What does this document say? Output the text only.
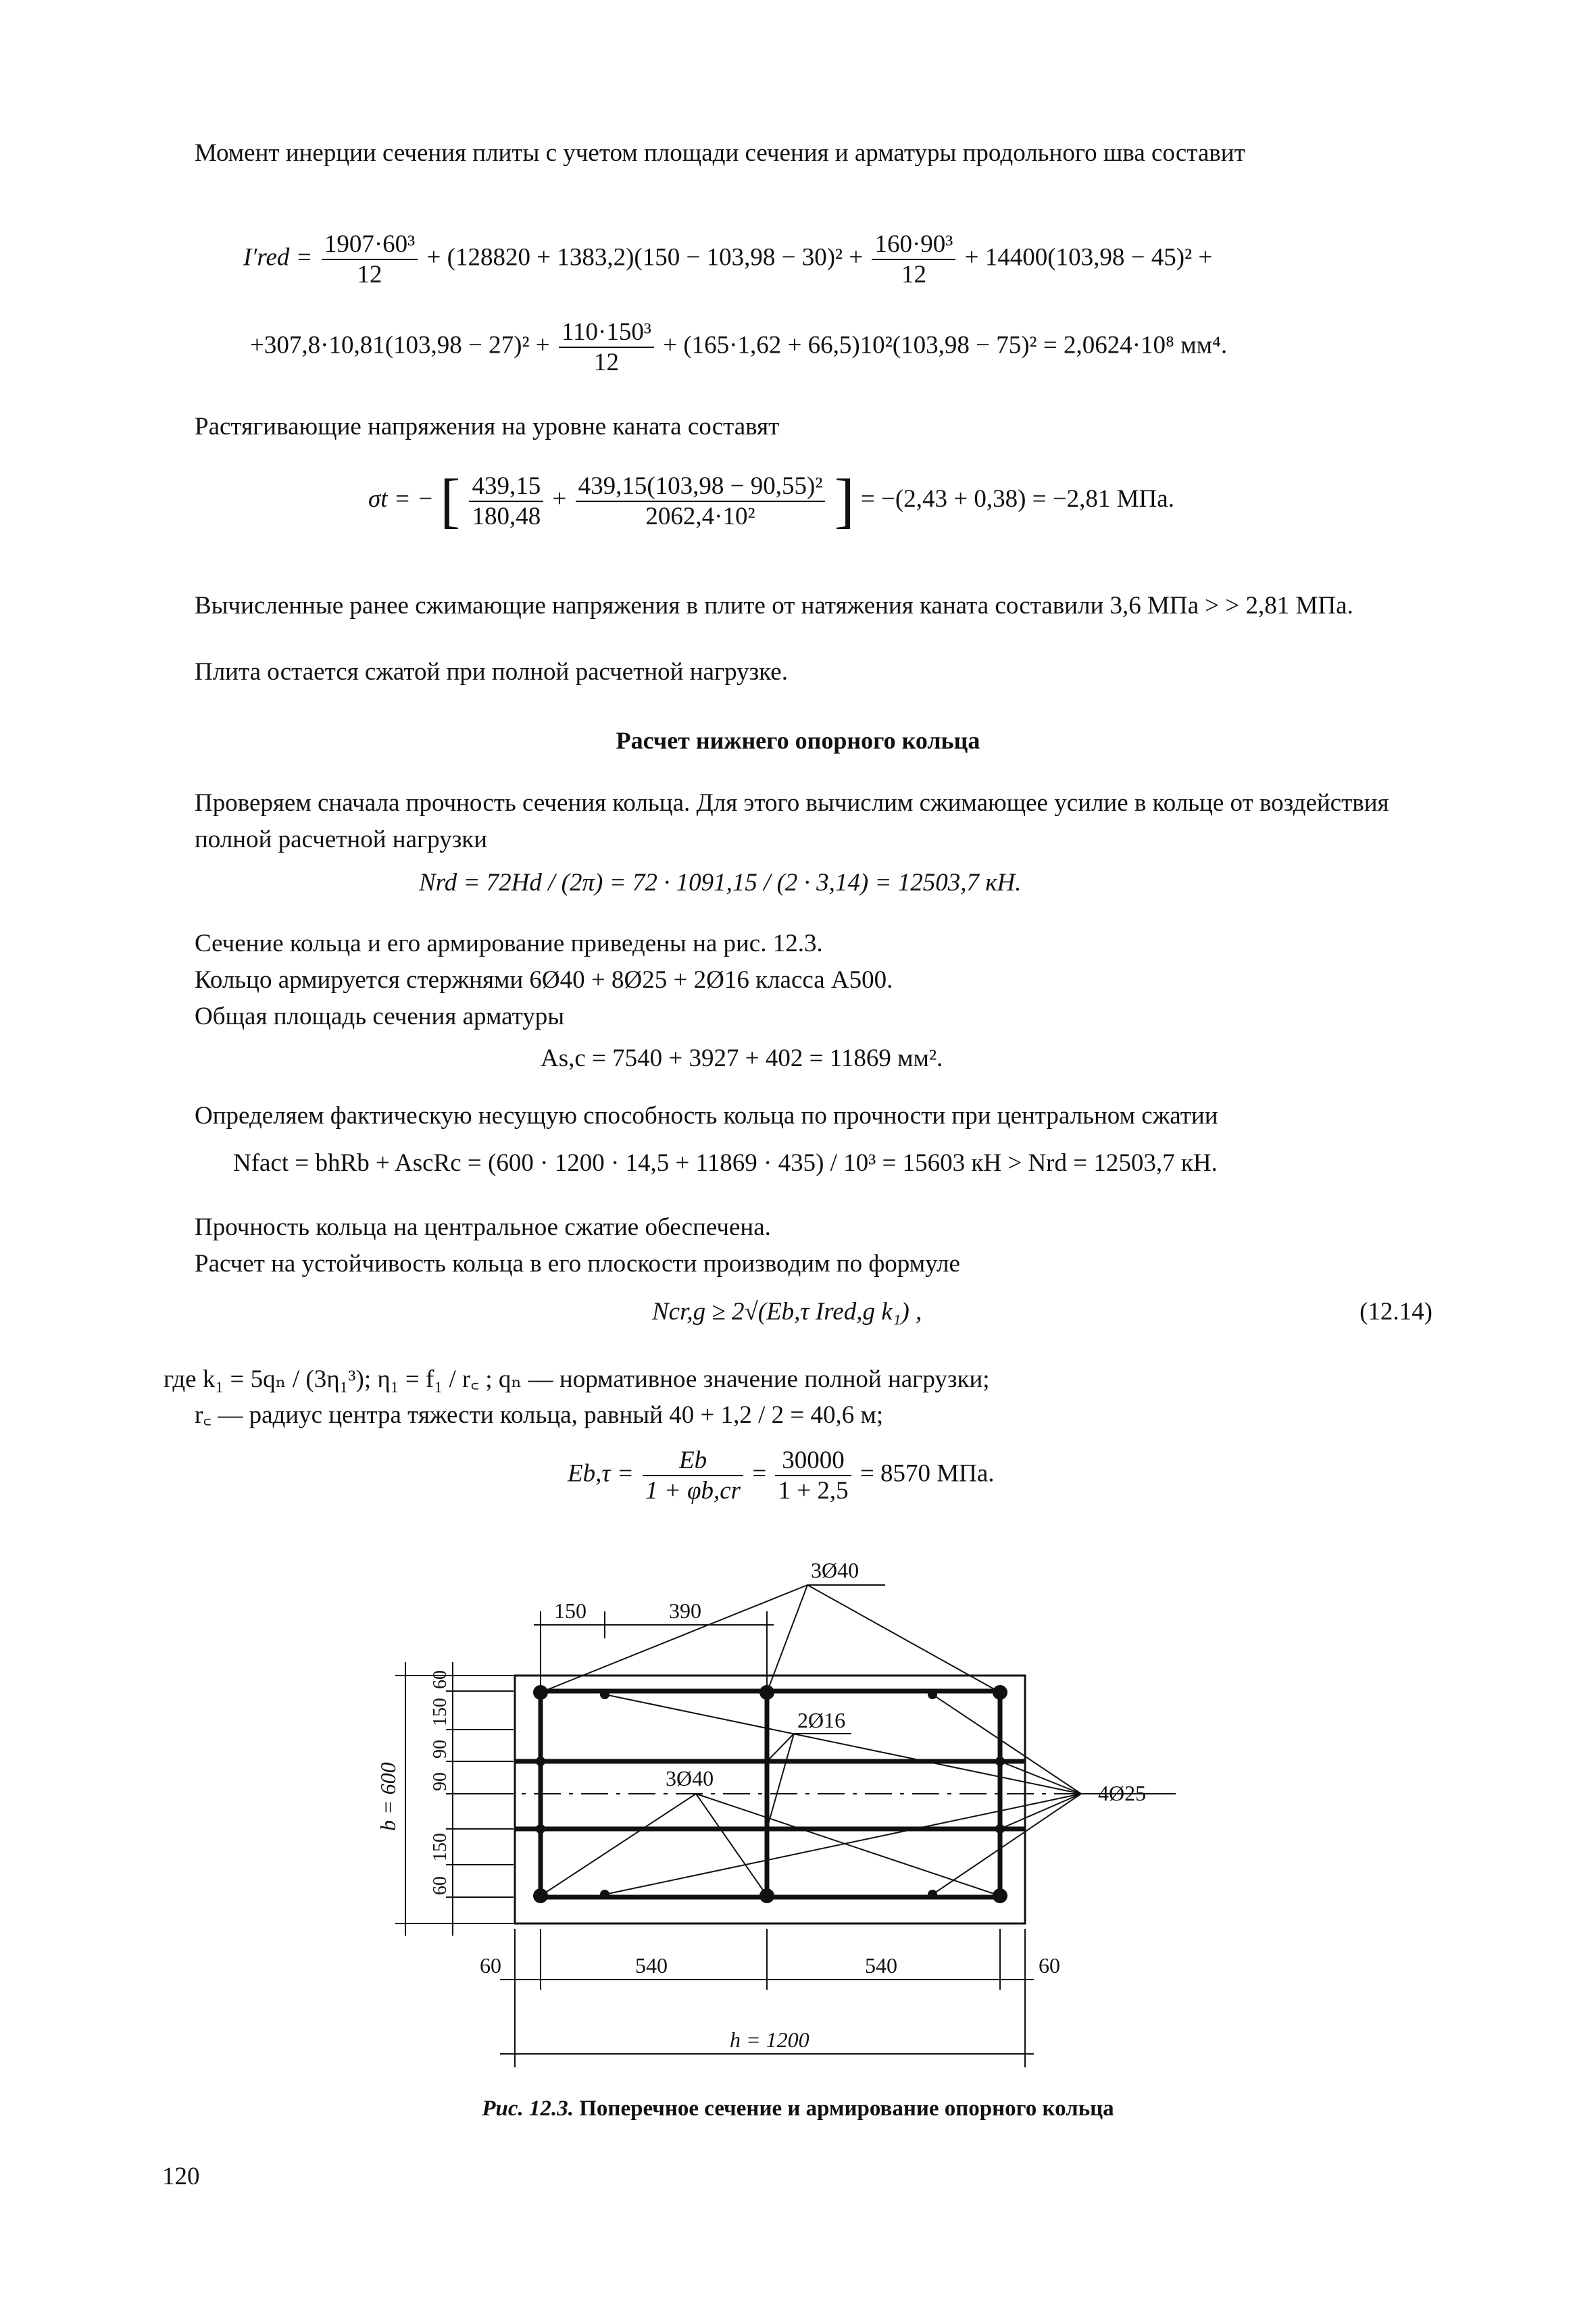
Момент инерции сечения плиты с учетом площади сечения и арматуры продольного шва составит
$I'red = \frac{\text{1907·60³}}{12} + (128820 + 1383,2)(150 - 103,98 - 30)^2 + \frac{\text{160·90³}}{12} + 14400(103,98 - 45)^2$ +
$+307,8\cdot 10,81(103,98 - 27)^2 + \frac{\text{110·150³}}{12} + (165\cdot 1,62 + 66,5)10^2(103,98 - 75)^2 = 2,0624\cdot 10^8$ мм⁴.
Растягивающие напряжения на уровне каната составят
σt = − [ $\frac{439,15}{180,48} + \frac{\text{439,15(103,98 − 90,55)²}}{\text{2062,4·10²}}$ ] = −(2,43 + 0,38) = −2,81 МПа.
Вычисленные ранее сжимающие напряжения в плите от натяжения каната составили 3,6 МПа > > 2,81 МПа.
Плита остается сжатой при полной расчетной нагрузке.
Расчет нижнего опорного кольца
Проверяем сначала прочность сечения кольца. Для этого вычислим сжимающее усилие в кольце от воздействия полной расчетной нагрузки
Nrd = 72Hd / (2π) = 72 · 1091,15 / (2 · 3,14) = 12503,7 кН.
Сечение кольца и его армирование приведены на рис. 12.3.
Кольцо армируется стержнями 6Ø40 + 8Ø25 + 2Ø16 класса А500.
Общая площадь сечения арматуры
As,c = 7540 + 3927 + 402 = 11869 мм².
Определяем фактическую несущую способность кольца по прочности при центральном сжатии
Nfact = bhRb + AscRc = (600 · 1200 · 14,5 + 11869 · 435) / 10³ = 15603 кН > Nrd = 12503,7 кН.
Прочность кольца на центральное сжатие обеспечена.
Расчет на устойчивость кольца в его плоскости производим по формуле
Ncr,g ≥ 2√(Eb,τ Ired,g k₁) ,	(12.14)
где k₁ = 5qₙ / (3η₁³); η₁ = f₁ / r꜀ ; qₙ — нормативное значение полной нагрузки;
r꜀ — радиус центра тяжести кольца, равный 40 + 1,2 / 2 = 40,6 м;
$Eb,\tau = \frac{Eb}{1 + \varphi b,cr} = \frac{30000}{1 + 2,5} = 8570$ МПа.
3Ø40
150	390
2Ø16
3Ø40
4Ø25
60	540	540	60
h = 1200
b = 600
60
150
90
90
150
60
Рис. 12.3. Поперечное сечение и армирование опорного кольца
120
